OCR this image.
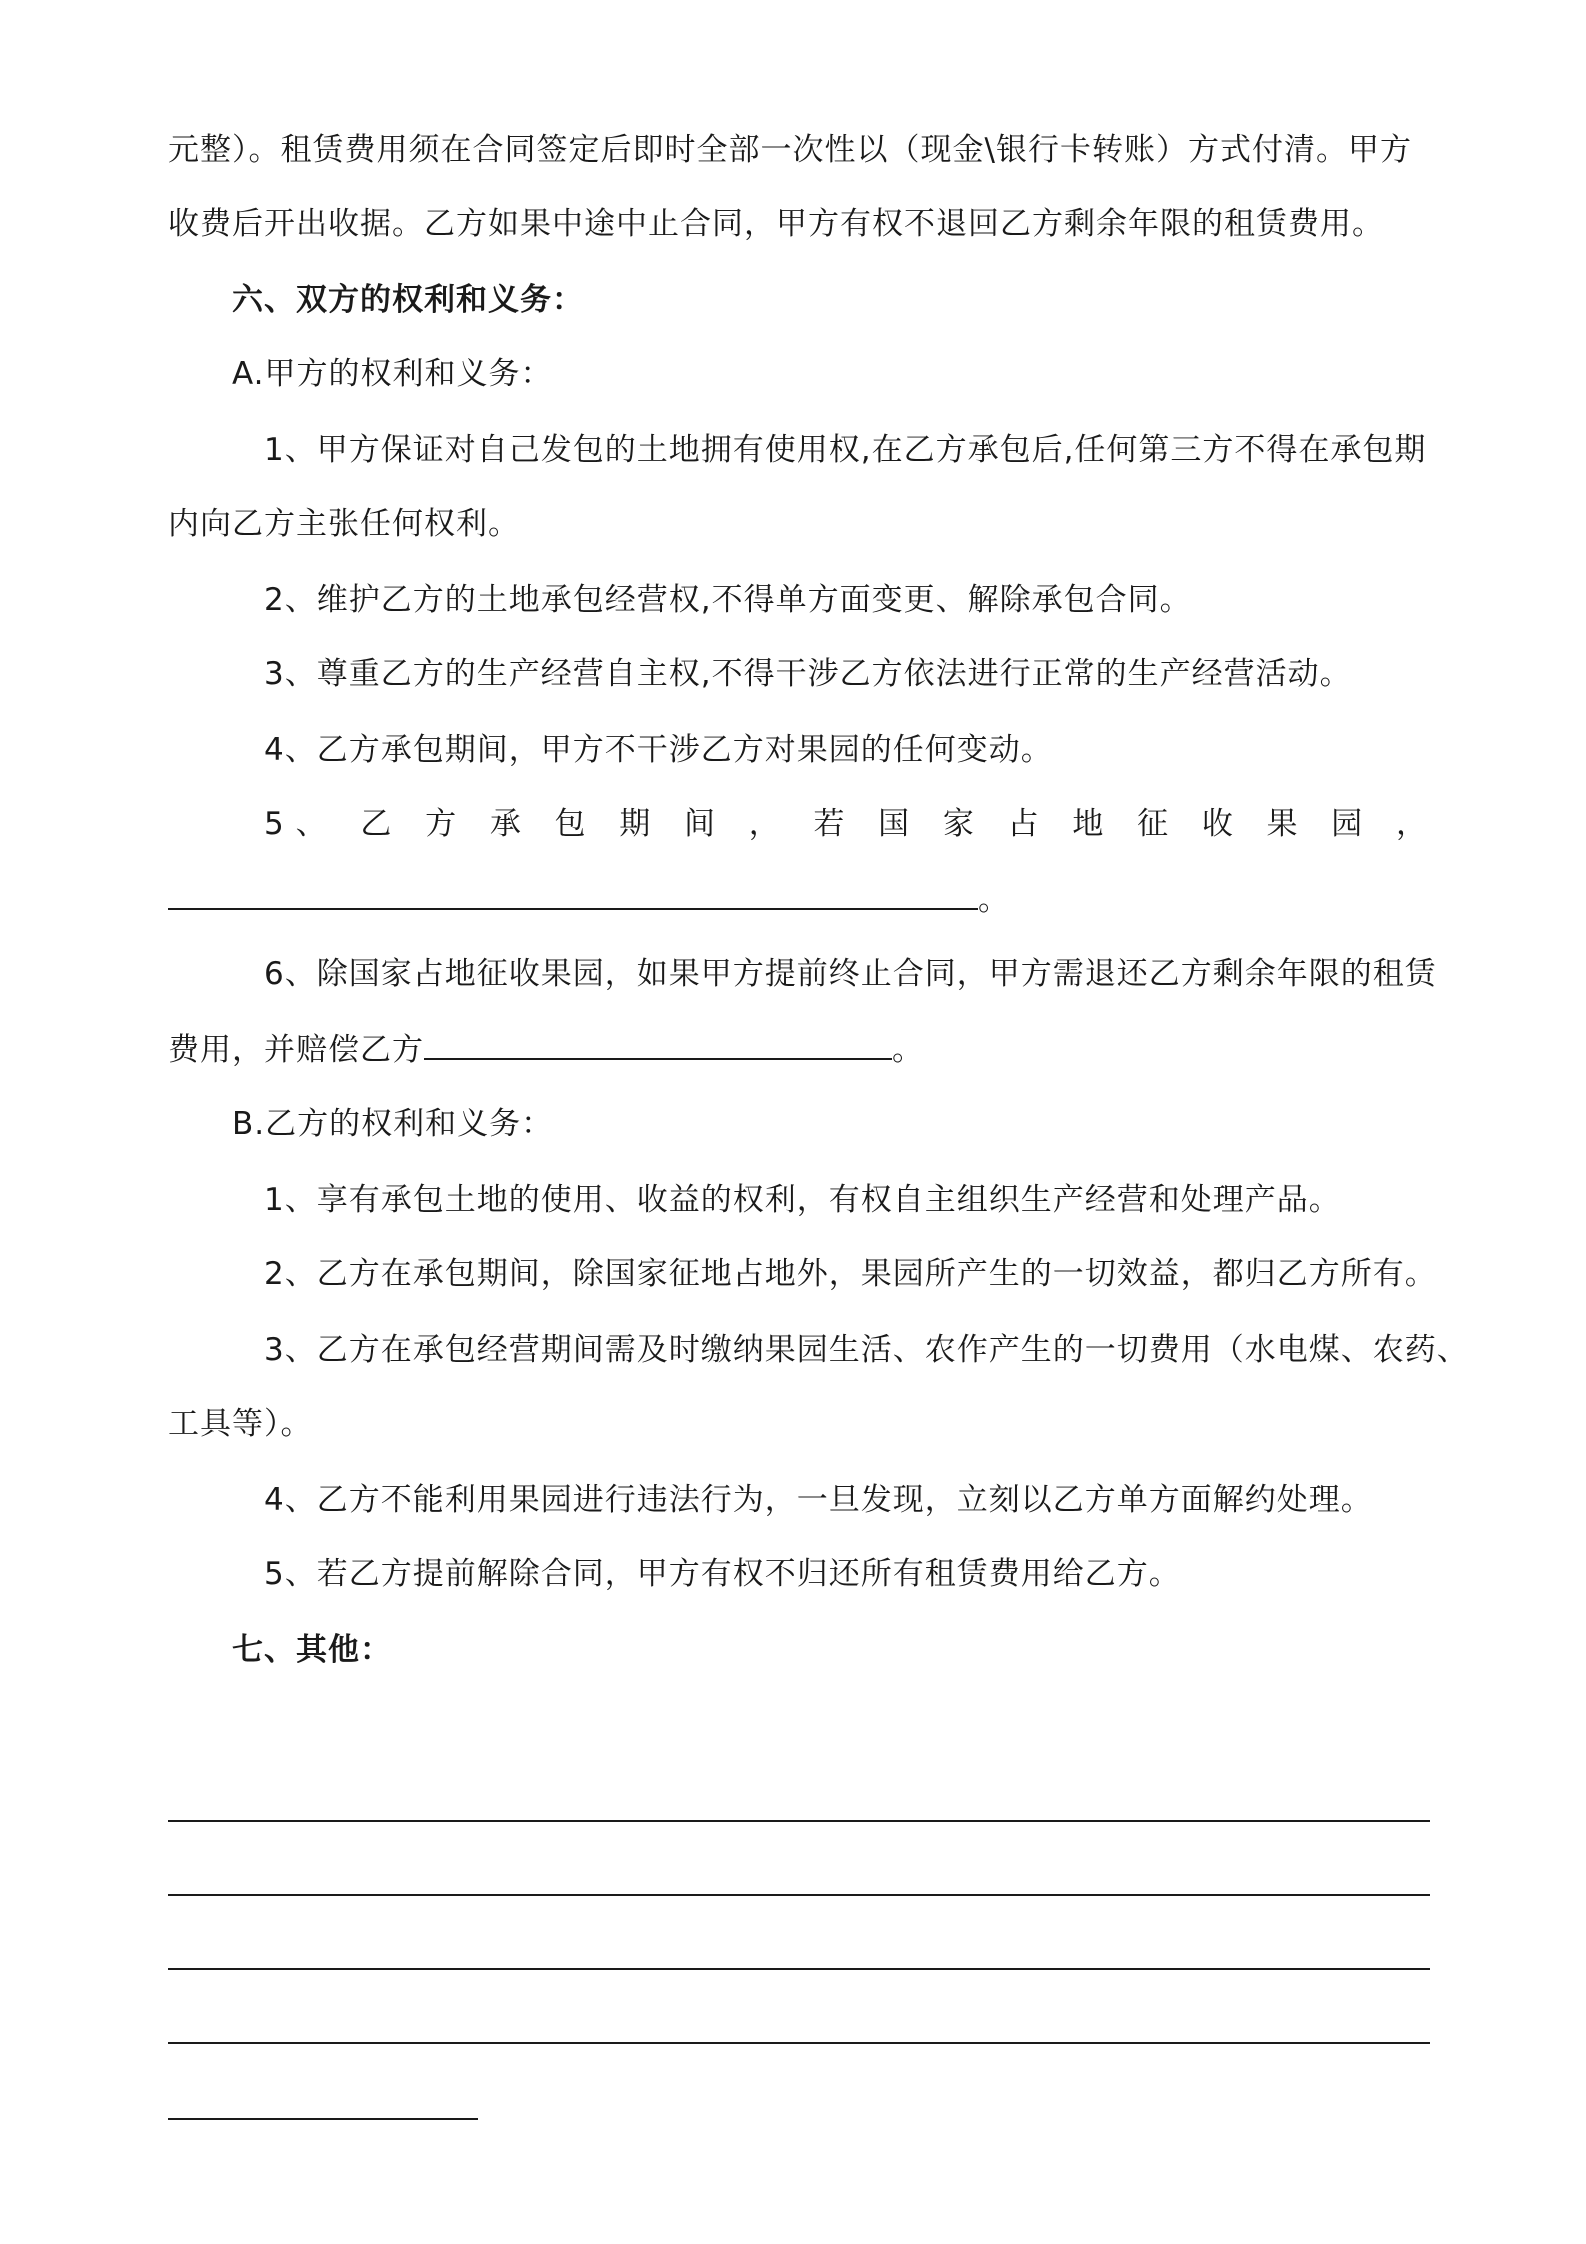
元整）。租赁费用须在合同签定后即时全部一次性以（现金\银行卡转账）方式付清。甲方

收费后开出收据。乙方如果中途中止合同，甲方有权不退回乙方剩余年限的租赁费用。

六、双方的权利和义务：

A.甲方的权利和义务：

1、甲方保证对自己发包的土地拥有使用权,在乙方承包后,任何第三方不得在承包期

内向乙方主张任何权利。

2、维护乙方的土地承包经营权,不得单方面变更、解除承包合同。

3、尊重乙方的生产经营自主权,不得干涉乙方依法进行正常的生产经营活动。

4、乙方承包期间，甲方不干涉乙方对果园的任何变动。

5、 乙 方 承 包 期 间 ， 若 国 家 占 地 征 收 果 园 ，

。

6、除国家占地征收果园，如果甲方提前终止合同，甲方需退还乙方剩余年限的租赁

费用，并赔偿乙方	。

B.乙方的权利和义务：

1、享有承包土地的使用、收益的权利，有权自主组织生产经营和处理产品。

2、乙方在承包期间，除国家征地占地外，果园所产生的一切效益，都归乙方所有。

3、乙方在承包经营期间需及时缴纳果园生活、农作产生的一切费用（水电煤、农药、

工具等）。

4、乙方不能利用果园进行违法行为，一旦发现，立刻以乙方单方面解约处理。

5、若乙方提前解除合同，甲方有权不归还所有租赁费用给乙方。

七、其他：
